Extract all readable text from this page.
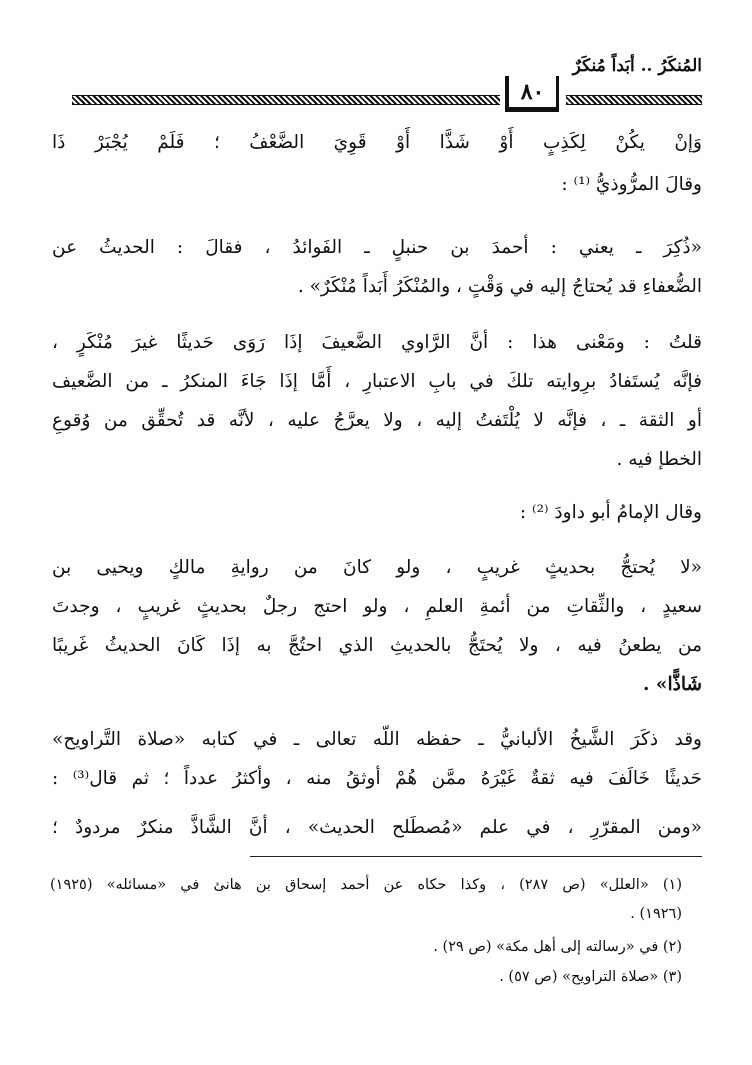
المُنكَرُ .. أبَداً مُنكَرٌ
٨٠
وَإنْ يكُنْ لِكَذِبٍ أَوْ شَذَّا أَوْ قَوِيَ الضَّعْفُ ؛ فَلَمْ يُجْبَرْ ذَا
وقالَ المرُّوذيُّ ⁽¹⁾ :
«ذُكِرَ ـ يعني : أحمدَ بن حنبلٍ ـ الفَوائدُ ، فقالَ : الحديثُ عن
الضُّعفاءِ قد يُحتاجُ إليه في وَقْتٍ ، والمُنْكَرُ أَبَداً مُنْكَرٌ» .
قلتُ : ومَعْنى هذا : أنَّ الرَّاوي الضَّعيفَ إذَا رَوَى حَديثًا غيرَ مُنْكَرٍ ،
فإنَّه يُستَفادُ برِوايته تلكَ في بابِ الاعتبارِ ، أَمَّا إذَا جَاءَ المنكرُ ـ من الضَّعيف
أو الثقة ـ ، فإنَّه لا يُلْتَفتُ إليه ، ولا يعرَّجُ عليه ، لأنَّه قد تُحقِّق من وُقوعِ
الخطإ فيه .
وقال الإمامُ أبو داودَ ⁽²⁾ :
«لا يُحتجُّ بحديثٍ غريبٍ ، ولو كانَ من روايةِ مالكٍ ويحيى بن
سعيدٍ ، والثِّقاتِ من أئمةِ العلمِ ، ولو احتج رجلٌ بحديثٍ غريبٍ ، وجدتَ
من يطعنُ فيه ، ولا يُحتَجُّ بالحديثِ الذي احتُجَّ به إذَا كَانَ الحديثُ غَريبًا
شَاذًّا» .
وقد ذكَرَ الشَّيخُ الألبانيُّ ـ حفظه اللّه تعالى ـ في كتابه «صلاة التَّراويح»
حَديثًا خَالَفَ فيه ثقةٌ غَيْرَهُ ممَّن هُمْ أوثقُ منه ، وأكثرُ عدداً ؛ ثم قال⁽³⁾ :
«ومن المقرّرِ ، في علم «مُصطَلح الحديث» ، أنَّ الشَّاذَّ منكرٌ مردودٌ ؛
(١) «العلل» (ص ٢٨٧) ، وكذا حكاه عن أحمد إسحاق بن هانئ في «مسائله» (١٩٢٥)
(١٩٢٦) .
(٢) في «رسالته إلى أهل مكة» (ص ٢٩) .
(٣) «صلاة التراويح» (ص ٥٧) .
